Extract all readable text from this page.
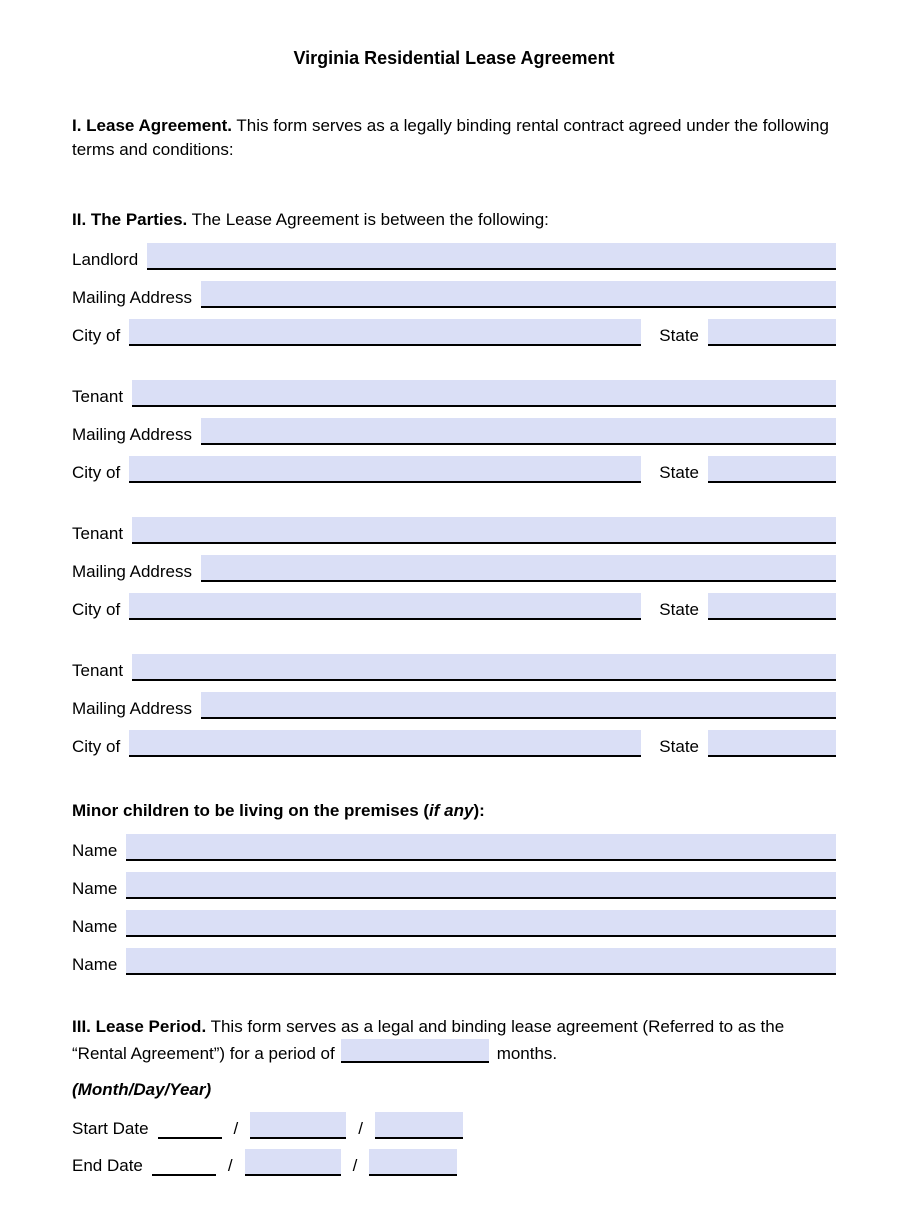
Virginia Residential Lease Agreement

I. Lease Agreement. This form serves as a legally binding rental contract agreed under the following terms and conditions:

II. The Parties. The Lease Agreement is between the following:

Landlord
Mailing Address
City of	State
Tenant
Mailing Address
City of	State
Tenant
Mailing Address
City of	State
Tenant
Mailing Address
City of	State

Minor children to be living on the premises (if any):

Name
Name
Name
Name

III. Lease Period. This form serves as a legal and binding lease agreement (Referred to as the “Rental Agreement”) for a period of	months.

(Month/Day/Year)

Start Date	/	/
End Date	/	/
